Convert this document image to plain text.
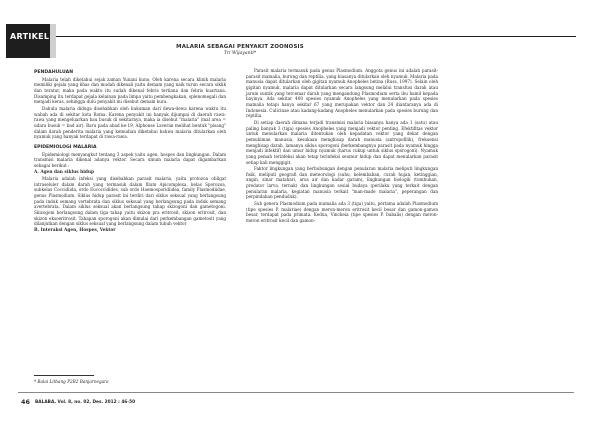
ARTIKEL
MALARIA SEBAGAI PENYAKIT ZOONOSIS
Tri Wijayanti*
PENDAHULUAN

Malaria telah diketahui sejak zaman Yunani kuno. Oleh karena secara klinik malaria memiliki gejala yang khas dan mudah dikenali yaitu demam yang naik turun secara siklik dan teratur, maka pada waktu itu sudah dikenal febris tertiana dan febris kuartana. Disamping itu terdapat gejala kelainan pada limpa yaitu pembengkakan, splenomegali dan menjadi keras, sehingga dulu penyakit ini disebut demam kura.

Dahulu malaria diduga disebabkan oleh hukuman dari dewa-dewa karena waktu itu wabah ada di sekitar kota Roma. Karena penyakit ini banyak dijumpai di daerah rawa-rawa yang mengeluarkan bau busuk di sekitarnya, maka ia disebut "malaria" (mal area = udara busuk = bad air). Baru pada abad ke-19, Alphonse Laveran melihat bentuk "pisang" dalam darah penderita malaria yang kemudian diketahui bahwa malaria ditularkan oleh nyamuk yang banyak terdapat di rawa-rawa.

EPIDEMIOLOGI MALARIA

Epidemiologi menyangkut tentang 3 aspek yaitu agen, hospes dan lingkungan. Dalam transmisi malaria dikenal adanya vektor. Secara umum malaria dapat digambarkan sebagai berikut :

A. Agen dan siklus hidup

Malaria adalah infeksi yang disebabkan parasit malaria, yaitu protozoa obligat intraseluler dalam darah yang termasuk dalam filum Apicomplexa, kelas Sporozoa, subkelas Coccidiida, ordo Eucoccidides, sub ordo Haemosporidiidea, family Plasmodiidae, genus Plasmodium. Siklus hidup parasit ini terdiri dari siklus seksual yang berlangsung pada induk semang vertebrata dan siklus seksual yang berlangsung pada induk semang avertebrata. Dalam siklus seksual akan berlangsung tahap skizogoni dan gametogoni. Skizogoni berlangsung dalam tiga tahap yaitu skizon pra eritrosit, skizon eritrosit, dan skizon eksoeritrosit. Tahapan sporogoni akan dimulai dari perkembangan gametosit yang dilanjutkan dengan siklus seksual yang berlangsung dalam tubuh vektor

B. Interaksi Agen, Hospes, Vektor

Parasit malaria termasuk pada genus Plasmodium. Anggota genus ini adalah parasit-parasit mamalia, burung dan reptilia, yang biasanya ditularkan oleh nyamuk. Malaria pada manusia dapat ditularkan oleh gigitan nyamuk Anopheles betina (Russ, 1997). Selain oleh gigitan nyamuk, malaria dapat ditularkan secara langsung melalui transfusi darah atau jarum suntik yang tercemar darah yang mengandung Plasmodium serta ibu hamil kepada bayinya. Ada sekitar 400 spesies nyamuk Anopheles yang menularkan pada spesies mamalia tetapi hanya sekitar 67 yang merupakan vektor dan 24 diantaranya ada di Indonesia. Culicinae atau kadang-kadang Anopheles menularkan pada spesies burung dan reptilia.

Di setiap daerah dimana terjadi transmisi malaria biasanya hanya ada 1 (satu) atau paling banyak 3 (tiga) spesies Anopheles yang menjadi vektor penting. Efektifitas vektor untuk menularkan malaria ditentukan oleh kepadatan vektor yang dekat dengan pemukiman manusia, kesukaan menghisap darah manusia (antropofilik), frekuensi menghisap darah, lamanya siklus sporogoni (berkembangnya parasit pada nyamuk hingga menjadi infektif) dan umur hidup nyamuk (harus cukup untuk siklus sporogoni). Nyamuk yang pemah terinfeksi akan tetap terinfeksi seumur hidup dan dapat menularkan parasit setiap kali menggigit.

Faktor lingkungan yang berhubungan dengan penularan malaria meliputi lingkungan fisik, meliputi geografi dan meteorologi (suhu, kelembaban, curah hujan, ketinggian, angin, sinar matahari, arus air dan kadar garam), lingkungan biologik (tumbuhan, predator larva, ternak) dan lingkungan sosial budaya (perilaku yang terkait dengan penularan malaria, kegiatan manusia terkait "man-made malaria", peperangan dan perpindahan penduduk).

Sub genera Plasmodium pada mamalia ada 3 (tiga) yaitu, pertama adalah Plasmodium (tipe spesies P. malariae) dengan meron-meron eritrosit kecil besar dan gamon-gamon besar, terdapat pada primata. Kedua, Vinckeia (tipe spesies P. bubalis) dengan meron-meron eritrosit kecil dan gamon-

* Balai Litbang P2B2 Banjarnegara
46 BALABA, Vol. 8, no. 02, Des. 2012 : 46-50
